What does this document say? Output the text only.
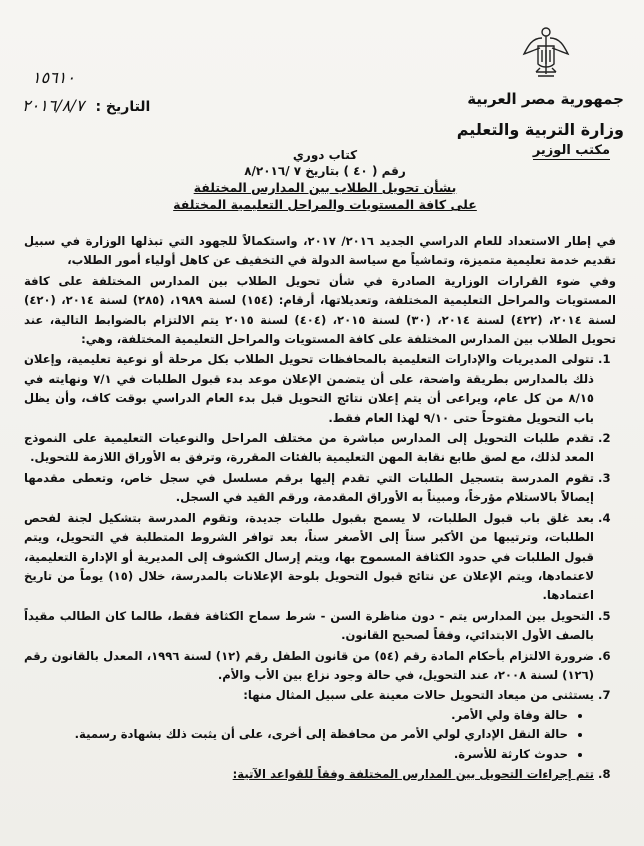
جمهورية مصر العربية
وزارة التربية والتعليم
مكتب الوزير
١٥٦١٠
التاريخ : ٢٠١٦/٨/٧
كتاب دوري
رقم ( ٤٠ ) بتاريخ ٧ /٨/٢٠١٦
بشأن تحويل الطلاب بين المدارس المختلفة
على كافة المستويات والمراحل التعليمية المختلفة

في إطار الاستعداد للعام الدراسي الجديد ٢٠١٦/ ٢٠١٧، واستكمالاً للجهود التي تبذلها الوزارة في سبيل تقديم خدمة تعليمية متميزة، وتماشياً مع سياسة الدولة في التخفيف عن كاهل أولياء أمور الطلاب،

وفي ضوء القرارات الوزارية الصادرة في شأن تحويل الطلاب بين المدارس المختلفة على كافة المستويات والمراحل التعليمية المختلفة، وتعديلاتها، أرقام: (١٥٤) لسنة ١٩٨٩، (٢٨٥) لسنة ٢٠١٤، (٤٢٠) لسنة ٢٠١٤، (٤٢٢) لسنة ٢٠١٤، (٣٠) لسنة ٢٠١٥، (٤٠٤) لسنة ٢٠١٥ يتم الالتزام بالضوابط التالية، عند تحويل الطلاب بين المدارس المختلفة على كافة المستويات والمراحل التعليمية المختلفة، وهي:

1. تتولى المديريات والإدارات التعليمية بالمحافظات تحويل الطلاب بكل مرحلة أو نوعية تعليمية، وإعلان ذلك بالمدارس بطريقة واضحة، على أن يتضمن الإعلان موعد بدء قبول الطلبات في ٧/١ ونهايته في ٨/١٥ من كل عام، ويراعى أن يتم إعلان نتائج التحويل قبل بدء العام الدراسي بوقت كاف، وأن يظل باب التحويل مفتوحاً حتى ٩/١٠ لهذا العام فقط.
2. تقدم طلبات التحويل إلى المدارس مباشرة من مختلف المراحل والنوعيات التعليمية على النموذج المعد لذلك، مع لصق طابع نقابة المهن التعليمية بالفئات المقررة، وترفق به الأوراق اللازمة للتحويل.
3. تقوم المدرسة بتسجيل الطلبات التي تقدم إليها برقم مسلسل في سجل خاص، وتعطى مقدمها إيصالاً بالاستلام مؤرخاً، ومبيناً به الأوراق المقدمة، ورقم القيد في السجل.
4. بعد غلق باب قبول الطلبات، لا يسمح بقبول طلبات جديدة، وتقوم المدرسة بتشكيل لجنة لفحص الطلبات، وترتيبها من الأكبر سناً إلى الأصغر سناً، بعد توافر الشروط المتطلبة في التحويل، ويتم قبول الطلبات في حدود الكثافة المسموح بها، ويتم إرسال الكشوف إلى المديرية أو الإدارة التعليمية، لاعتمادها، ويتم الإعلان عن نتائج قبول التحويل بلوحة الإعلانات بالمدرسة، خلال (١٥) يوماً من تاريخ اعتمادها.
5. التحويل بين المدارس يتم - دون مناظرة السن - شرط سماح الكثافة فقط، طالما كان الطالب مقيداً بالصف الأول الابتدائي، وفقاً لصحيح القانون.
6. ضرورة الالتزام بأحكام المادة رقم (٥٤) من قانون الطفل رقم (١٢) لسنة ١٩٩٦، المعدل بالقانون رقم (١٢٦) لسنة ٢٠٠٨، عند التحويل، في حالة وجود نزاع بين الأب والأم.
7. يستثنى من ميعاد التحويل حالات معينة على سبيل المثال منها:
• حالة وفاة ولي الأمر.
• حالة النقل الإداري لولي الأمر من محافظة إلى أخرى، على أن يثبت ذلك بشهادة رسمية.
• حدوث كارثة للأسرة.
8. تتم إجراءات التحويل بين المدارس المختلفة وفقاً للقواعد الآتية:
